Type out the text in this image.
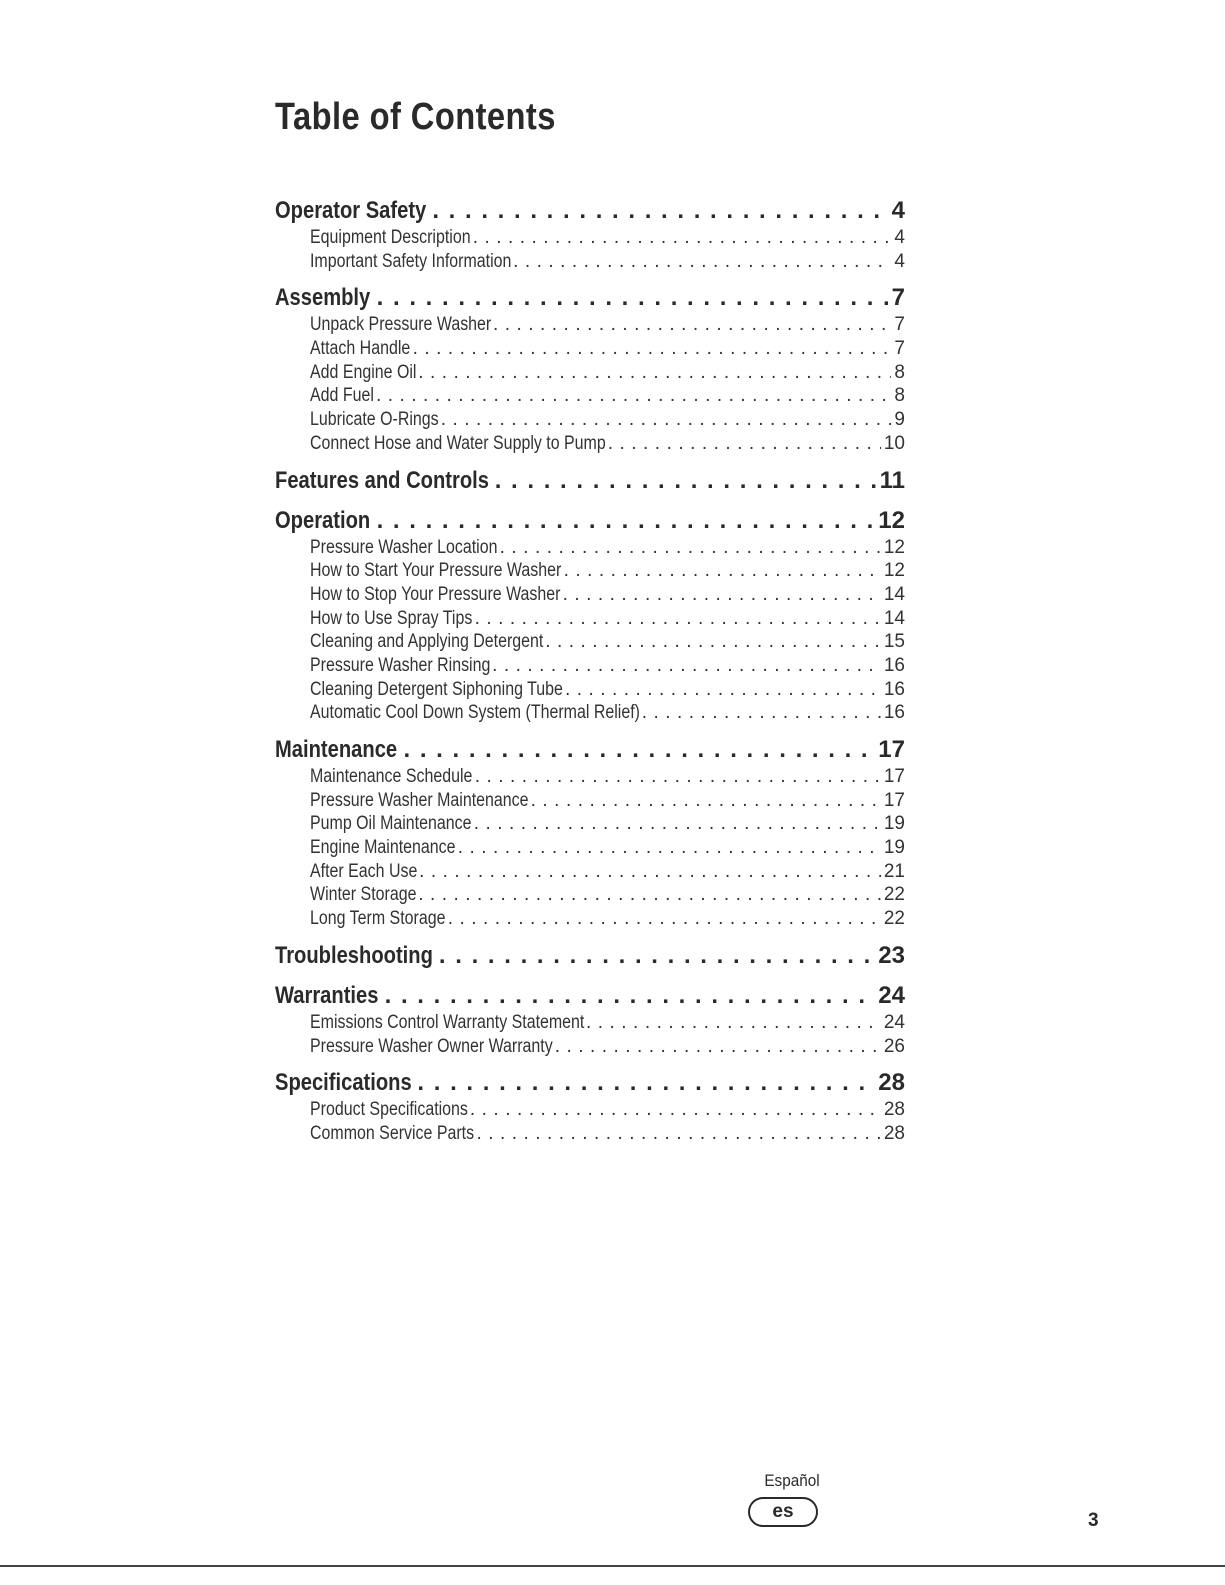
Table of Contents
Operator Safety . . .	4
Equipment Description . . .	4
Important Safety Information . . .	4
Assembly . . .	7
Unpack Pressure Washer . . .	7
Attach Handle . . .	7
Add Engine Oil . . .	8
Add Fuel . . .	8
Lubricate O-Rings . . .	9
Connect Hose and Water Supply to Pump . . .	10
Features and Controls . . .	11
Operation . . .	12
Pressure Washer Location . . .	12
How to Start Your Pressure Washer . . .	12
How to Stop Your Pressure Washer . . .	14
How to Use Spray Tips . . .	14
Cleaning and Applying Detergent . . .	15
Pressure Washer Rinsing . . .	16
Cleaning Detergent Siphoning Tube . . .	16
Automatic Cool Down System (Thermal Relief) . . .	16
Maintenance . . .	17
Maintenance Schedule . . .	17
Pressure Washer Maintenance . . .	17
Pump Oil Maintenance . . .	19
Engine Maintenance . . .	19
After Each Use . . .	21
Winter Storage . . .	22
Long Term Storage . . .	22
Troubleshooting . . .	23
Warranties . . .	24
Emissions Control Warranty Statement . . .	24
Pressure Washer Owner Warranty . . .	26
Specifications . . .	28
Product Specifications . . .	28
Common Service Parts . . .	28
Español
es	3
